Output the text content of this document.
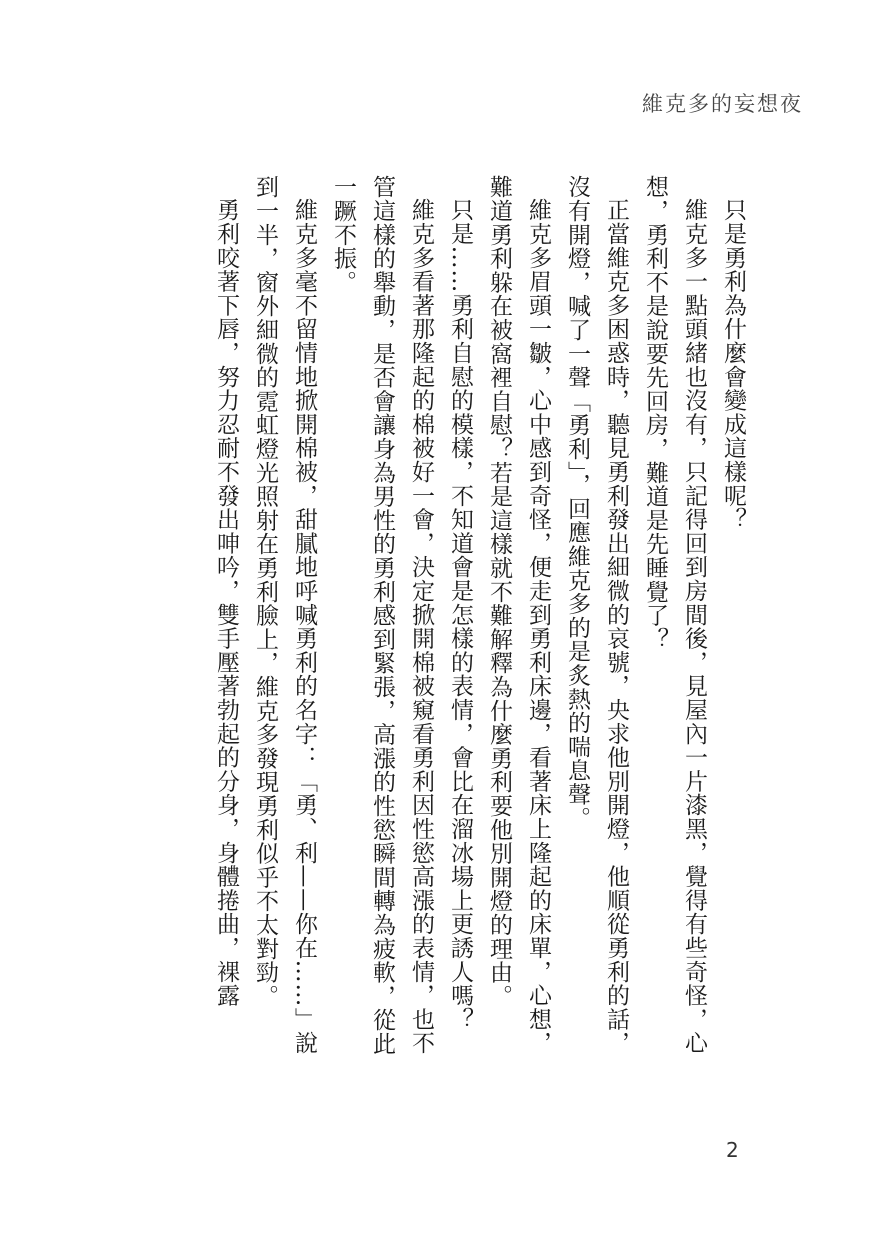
維克多的妄想夜

只是勇利為什麼會變成這樣呢？

維克多一點頭緒也沒有，只記得回到房間後，見屋內一片漆黑，覺得有些奇怪，心想，勇利不是說要先回房，難道是先睡覺了？

正當維克多困惑時，聽見勇利發出細微的哀號，央求他別開燈，他順從勇利的話，沒有開燈，喊了一聲「勇利」，回應維克多的是炙熱的喘息聲。

維克多眉頭一皺，心中感到奇怪，便走到勇利床邊，看著床上隆起的床單，心想，難道勇利躲在被窩裡自慰？若是這樣就不難解釋為什麼勇利要他別開燈的理由。

只是……勇利自慰的模樣，不知道會是怎樣的表情，會比在溜冰場上更誘人嗎？

維克多看著那隆起的棉被好一會，決定掀開棉被窺看勇利因性慾高漲的表情，也不管這樣的舉動，是否會讓身為男性的勇利感到緊張，高漲的性慾瞬間轉為疲軟，從此一蹶不振。

維克多毫不留情地掀開棉被，甜膩地呼喊勇利的名字：「勇、利——你在……」說到一半，窗外細微的霓虹燈光照射在勇利臉上，維克多發現勇利似乎不太對勁。

勇利咬著下唇，努力忍耐不發出呻吟，雙手壓著勃起的分身，身體捲曲，裸露

2
